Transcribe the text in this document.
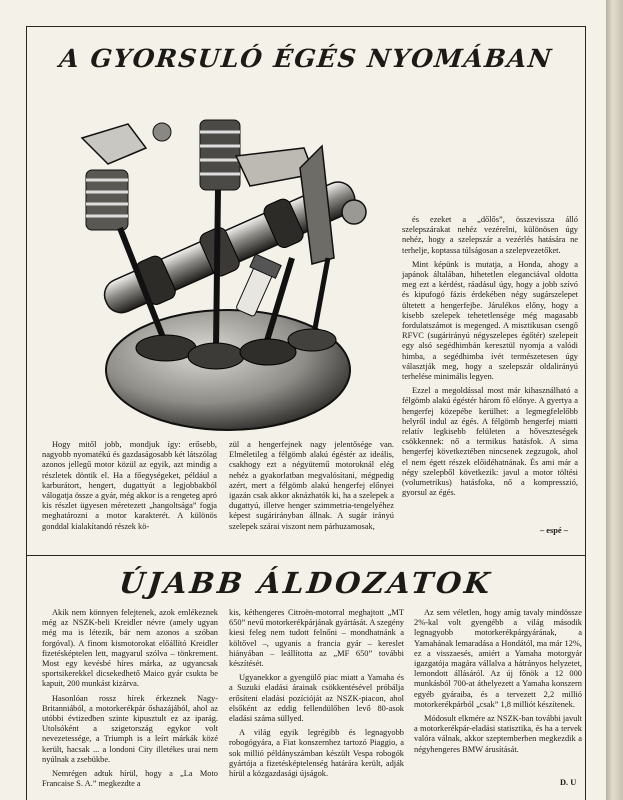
A GYORSULÓ ÉGÉS NYOMÁBAN

és ezeket a „dőlős”, összevissza álló szelepszárakat nehéz vezérelni, különösen úgy nehéz, hogy a szelepszár a vezérlés hatására ne terhelje, koptassa túlságosan a szelepvezetőket.

Mint képünk is mutatja, a Honda, ahogy a japánok általában, hihetetlen eleganciával oldotta meg ezt a kérdést, ráadásul úgy, hogy a jobb szívó és kipufogó fázis érdekében négy sugárszelepet ültetett a hengerfejbe. Járulékos előny, hogy a kisebb szelepek tehetetlensége még magasabb fordulatszámot is megenged. A misztikusan csengő RFVC (sugárirányú négyszelepes égőtér) szelepeit egy alsó segédhimbán keresztül nyomja a valódi himba, a segédhimba ívét természetesen úgy választják meg, hogy a szelepszár oldalirányú terhelése minimális legyen.

Ezzel a megoldással most már kihasználható a félgömb alakú égéstér három fő előnye. A gyertya a hengerfej közepébe kerülhet: a legmegfelelőbb helyről indul az égés. A félgömb hengerfej miatti relatív legkisebb felületen a hőveszteségek csökkennek: nő a termikus hatásfok. A sima hengerfej következtében nincsenek zegzugok, ahol el nem égett részek előidéhatnának. És ami már a négy szelepből következik: javul a motor töltési (volumetrikus) hatásfoka, nő a kompresszió, gyorsul az égés.

Hogy mitől jobb, mondjuk így: erősebb, nagyobb nyomatékú és gazdaságosabb két látszólag azonos jellegű motor közül az egyik, azt mindig a részletek döntik el. Ha a főegységeket, például a karburátort, hengert, dugattyút a legjobbakból válogatja össze a gyár, még akkor is a rengeteg apró kis részlet ügyesen méretezett „hangoltsága” fogja meghatározni a motor karakterét. A különös gonddal kialakítandó részek kö-

zül a hengerfejnek nagy jelentősége van. Elméletileg a félgömb alakú égéstér az ideális, csakhogy ezt a négyütemű motoroknál elég nehéz a gyakorlatban megvalósítani, mégpedig azért, mert a félgömb alakú hengerfej előnyei igazán csak akkor aknázhatók ki, ha a szelepek a dugattyú, illetve henger szimmetria-tengelyéhez képest sugárirányban állnak. A sugár irányú szelepek szárai viszont nem párhuzamosak,	– espé –
ÚJABB ÁLDOZATOK

Akik nem könnyen felejtenek, azok emlékeznek még az NSZK-beli Kreidler névre (amely ugyan még ma is létezik, bár nem azonos a szóban forgóval). A finom kismotorokat előállító Kreidler fizetésképtelen lett, magyarul szólva – tönkrement. Most egy kevésbé híres márka, az ugyancsak sportsikerekkel dicsekedhető Maico gyár csukta be kapuit, 200 munkást kizárva.

Hasonlóan rossz hírek érkeznek Nagy-Britanniából, a motorkerékpár őshazájából, ahol az utóbbi évtizedben szinte kipusztult ez az iparág. Utolsóként a szigetország egykor volt nevezetessége, a Triumph is a leírt márkák közé került, hacsak ... a londoni City illetékes urai nem nyúlnak a zsebükbe.

Nemrégen adtuk hírül, hogy a „La Moto Francaise S. A.” megkezdte a

kis, kéthengeres Citroën-motorral meghajtott „MT 650” nevű motorkerékpárjának gyártását. A szegény kiesi feleg nem tudott felnőni – mondhatnánk a költővel –, ugyanis a francia gyár – kereslet hiányában – leállította az „MF 650” további készítését.

Ugyanekkor a gyengülő piac miatt a Yamaha és a Suzuki eladási árainak csökkentésével próbálja erősíteni eladási pozícióját az NSZK-piacon, ahol elsőként az eddig fellendülőben levő 80-asok eladási száma süllyed.

A világ egyik legrégibb és legnagyobb robogógyára, a Fiat konszernhez tartozó Piaggio, a sok millió példányszámban készült Vespa robogók gyártója a fizetésképtelenség határára került, adják hírül a közgazdasági újságok.

Az sem véletlen, hogy amíg tavaly mindössze 2%-kal volt gyengébb a világ második legnagyobb motorkerékpárgyárának, a Yamahának lemaradása a Hondától, ma már 12%, ez a visszaesés, amiért a Yamaha motorgyár igazgatója magára vállalva a hátrányos helyzetet, lemondott állásáról. Az új főnök a 12 000 munkásból 700-at áthelyezett a Yamaha konszern egyéb gyáraiba, és a tervezett 2,2 millió motorkerékpárból „csak” 1,8 milliót készítenek.

Módosult elkmére az NSZK-ban további javult a motorkerékpár-eladási statisztika, és ha a tervek valóra válnak, akkor szeptemberben megkezdik a négyhengeres BMW árusítását.

D. U
